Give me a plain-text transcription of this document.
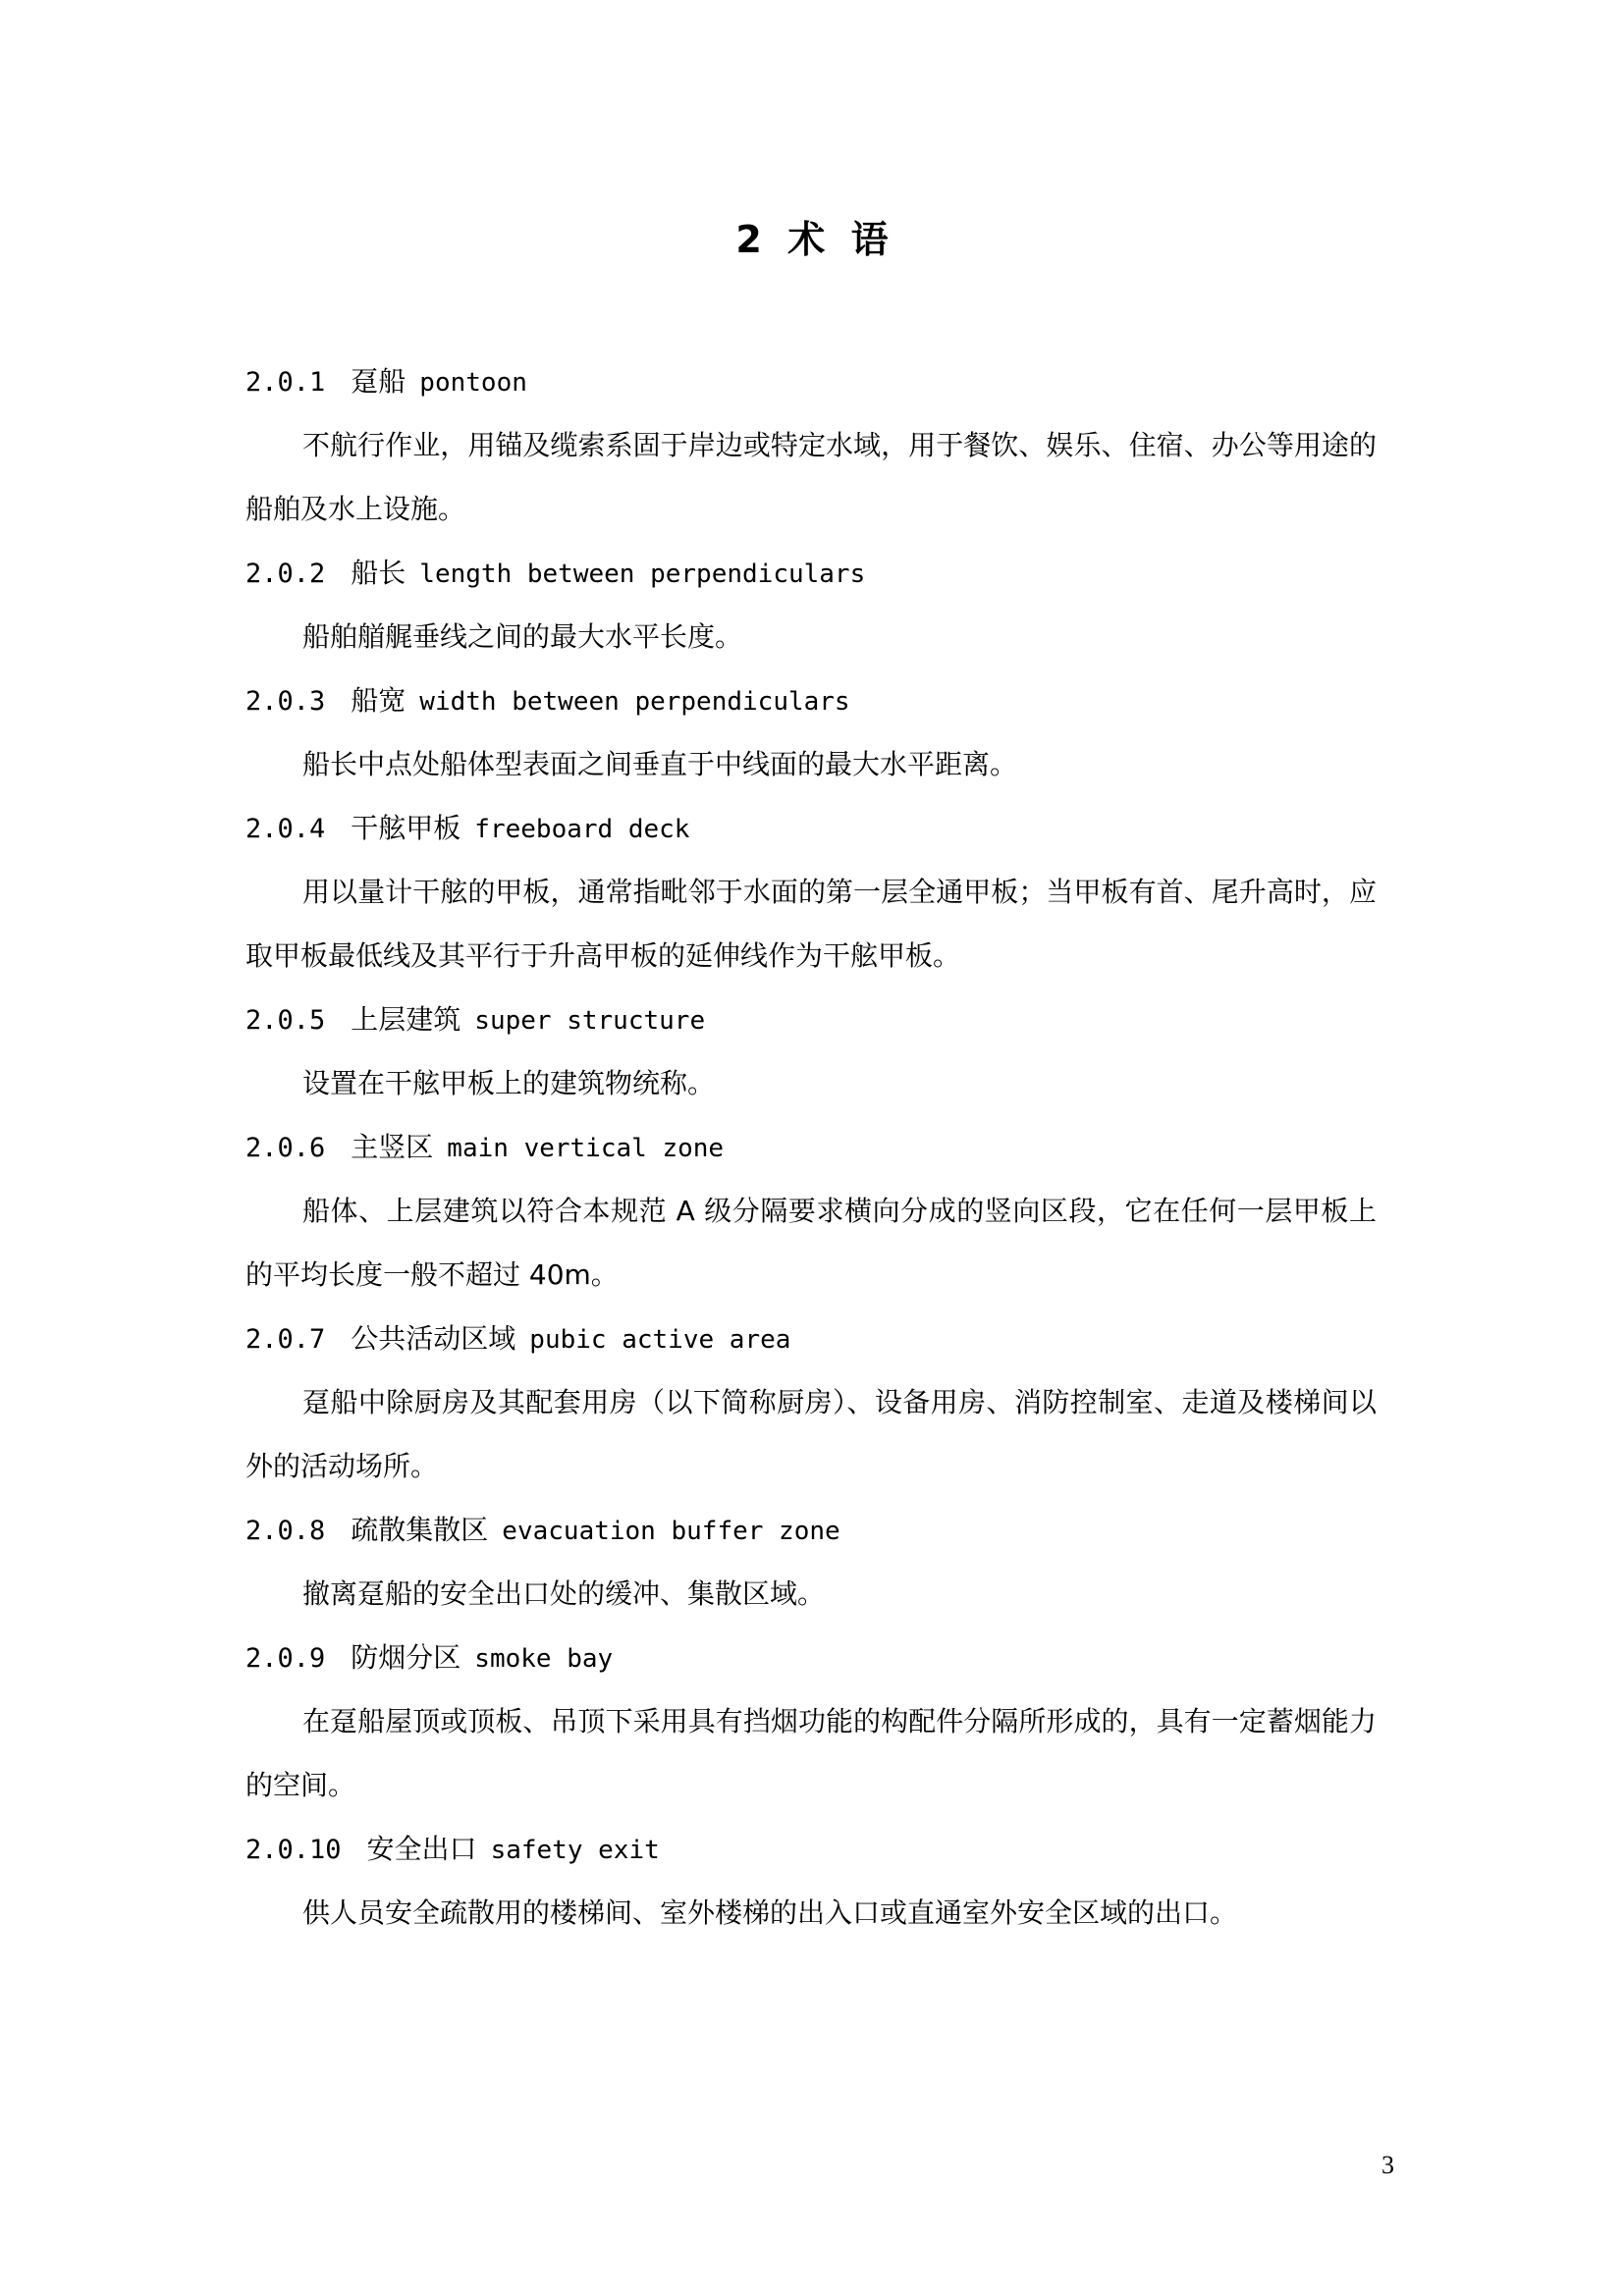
2  术  语
2.0.1 趸船 pontoon
不航行作业，用锚及缆索系固于岸边或特定水域，用于餐饮、娱乐、住宿、办公等用途的船舶及水上设施。
2.0.2 船长 length between perpendiculars
船舶艏艉垂线之间的最大水平长度。
2.0.3 船宽 width between perpendiculars
船长中点处船体型表面之间垂直于中线面的最大水平距离。
2.0.4 干舷甲板 freeboard deck
用以量计干舷的甲板，通常指毗邻于水面的第一层全通甲板；当甲板有首、尾升高时，应取甲板最低线及其平行于升高甲板的延伸线作为干舷甲板。
2.0.5 上层建筑 super structure
设置在干舷甲板上的建筑物统称。
2.0.6 主竖区 main vertical zone
船体、上层建筑以符合本规范 A 级分隔要求横向分成的竖向区段，它在任何一层甲板上的平均长度一般不超过 40m。
2.0.7 公共活动区域 pubic active area
趸船中除厨房及其配套用房（以下简称厨房）、设备用房、消防控制室、走道及楼梯间以外的活动场所。
2.0.8 疏散集散区 evacuation buffer zone
撤离趸船的安全出口处的缓冲、集散区域。
2.0.9 防烟分区 smoke bay
在趸船屋顶或顶板、吊顶下采用具有挡烟功能的构配件分隔所形成的，具有一定蓄烟能力的空间。
2.0.10 安全出口 safety exit
供人员安全疏散用的楼梯间、室外楼梯的出入口或直通室外安全区域的出口。
3
